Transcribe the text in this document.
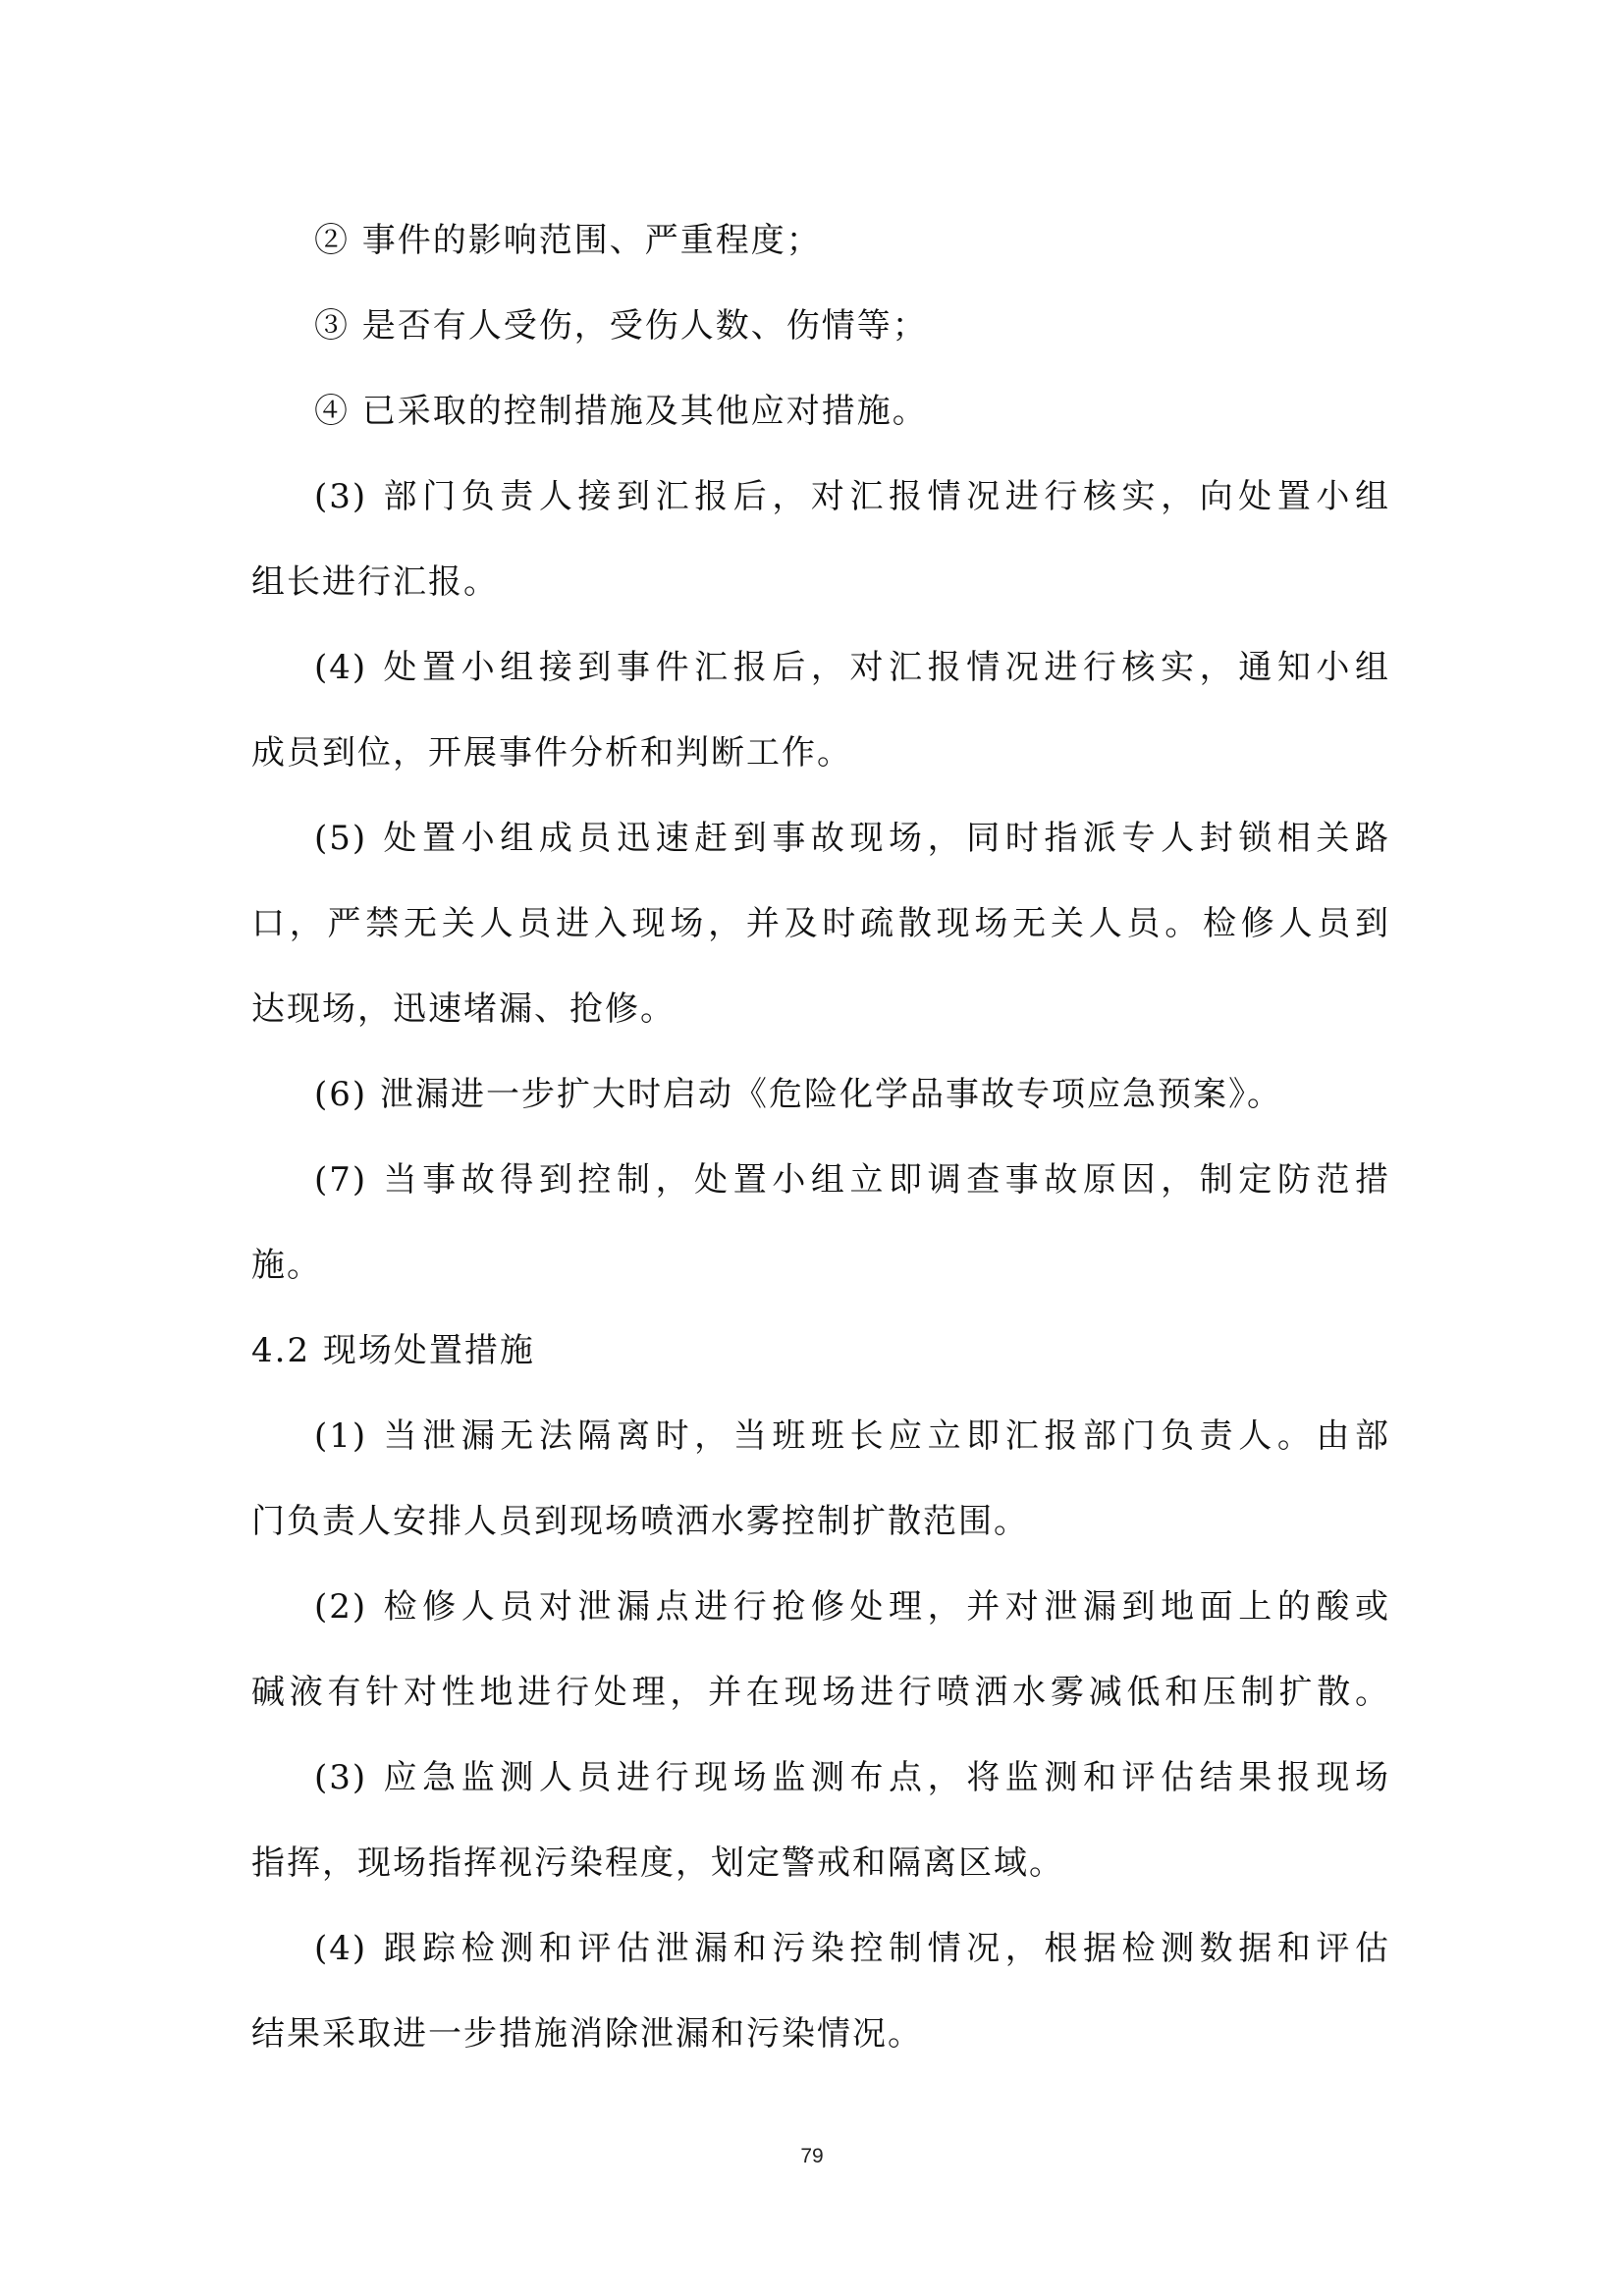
② 事件的影响范围、严重程度；
③ 是否有人受伤，受伤人数、伤情等；
④ 已采取的控制措施及其他应对措施。
(3) 部门负责人接到汇报后，对汇报情况进行核实，向处置小组
组长进行汇报。
(4) 处置小组接到事件汇报后，对汇报情况进行核实，通知小组
成员到位，开展事件分析和判断工作。
(5) 处置小组成员迅速赶到事故现场，同时指派专人封锁相关路
口，严禁无关人员进入现场，并及时疏散现场无关人员。检修人员到
达现场，迅速堵漏、抢修。
(6) 泄漏进一步扩大时启动《危险化学品事故专项应急预案》。
(7) 当事故得到控制，处置小组立即调查事故原因，制定防范措
施。
4.2 现场处置措施
(1) 当泄漏无法隔离时，当班班长应立即汇报部门负责人。由部
门负责人安排人员到现场喷洒水雾控制扩散范围。
(2) 检修人员对泄漏点进行抢修处理，并对泄漏到地面上的酸或
碱液有针对性地进行处理，并在现场进行喷洒水雾减低和压制扩散。
(3) 应急监测人员进行现场监测布点，将监测和评估结果报现场
指挥，现场指挥视污染程度，划定警戒和隔离区域。
(4) 跟踪检测和评估泄漏和污染控制情况，根据检测数据和评估
结果采取进一步措施消除泄漏和污染情况。
79
